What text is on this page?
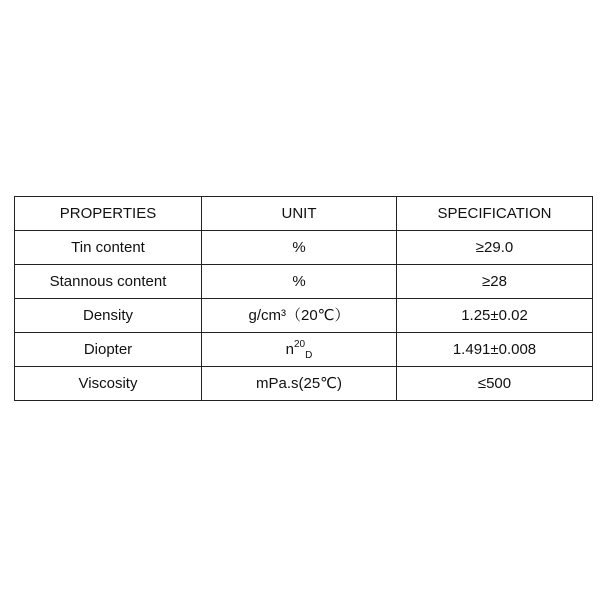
PROPERTIES	UNIT	SPECIFICATION
Tin content	%	≥29.0
Stannous content	%	≥28
Density	g/cm³（20℃）	1.25±0.02
Diopter	$n^{20}_D$	1.491±0.008
Viscosity	mPa.s(25℃)	≤500
